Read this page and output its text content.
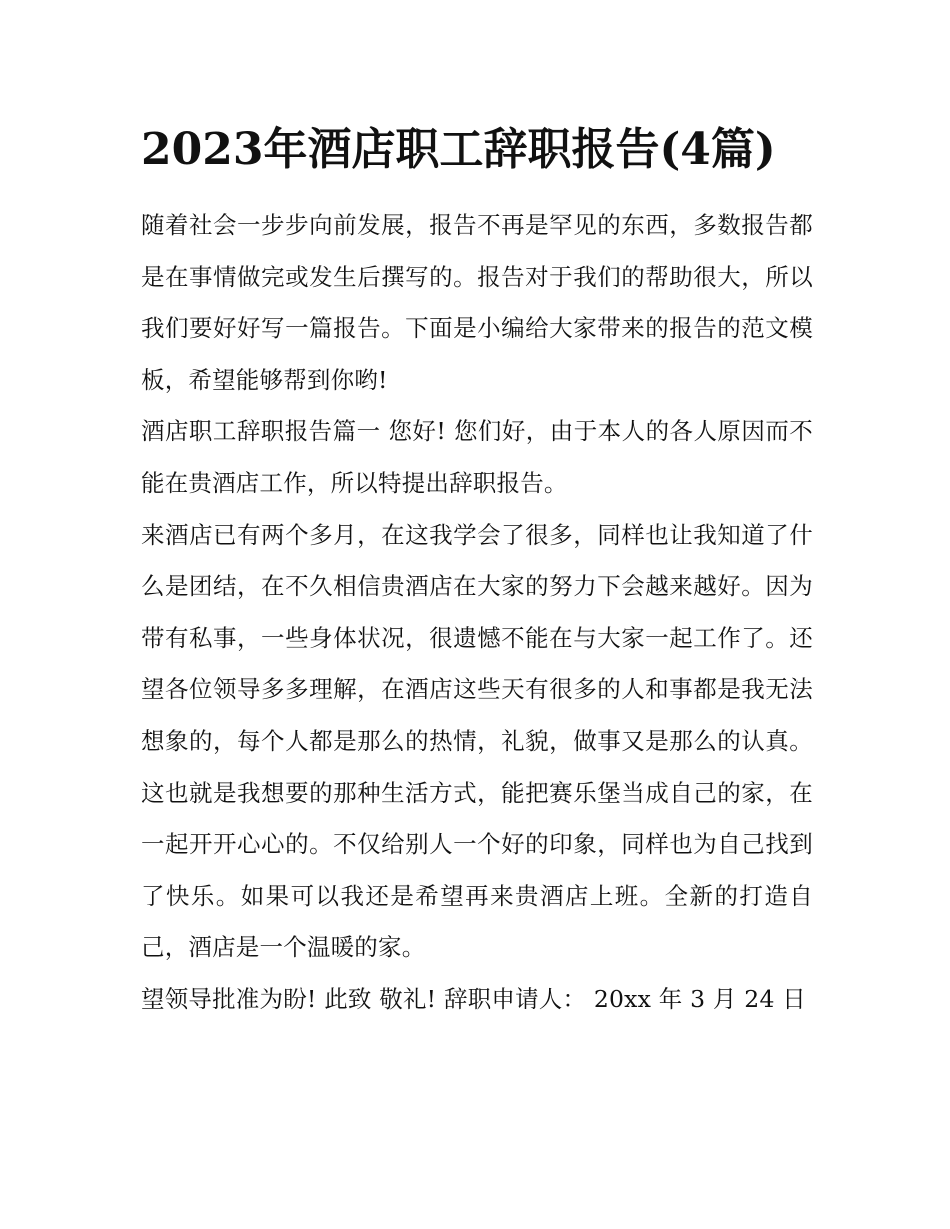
2023年酒店职工辞职报告(4篇)

随着社会一步步向前发展，报告不再是罕见的东西，多数报告都是在事情做完或发生后撰写的。报告对于我们的帮助很大，所以我们要好好写一篇报告。下面是小编给大家带来的报告的范文模板，希望能够帮到你哟!

酒店职工辞职报告篇一 您好! 您们好，由于本人的各人原因而不能在贵酒店工作，所以特提出辞职报告。

来酒店已有两个多月，在这我学会了很多，同样也让我知道了什么是团结，在不久相信贵酒店在大家的努力下会越来越好。因为带有私事，一些身体状况，很遗憾不能在与大家一起工作了。还望各位领导多多理解，在酒店这些天有很多的人和事都是我无法想象的，每个人都是那么的热情，礼貌，做事又是那么的认真。这也就是我想要的那种生活方式，能把赛乐堡当成自己的家，在一起开开心心的。不仅给别人一个好的印象，同样也为自己找到了快乐。如果可以我还是希望再来贵酒店上班。全新的打造自己，酒店是一个温暖的家。

望领导批准为盼! 此致 敬礼! 辞职申请人： 20xx 年 3 月 24 日
